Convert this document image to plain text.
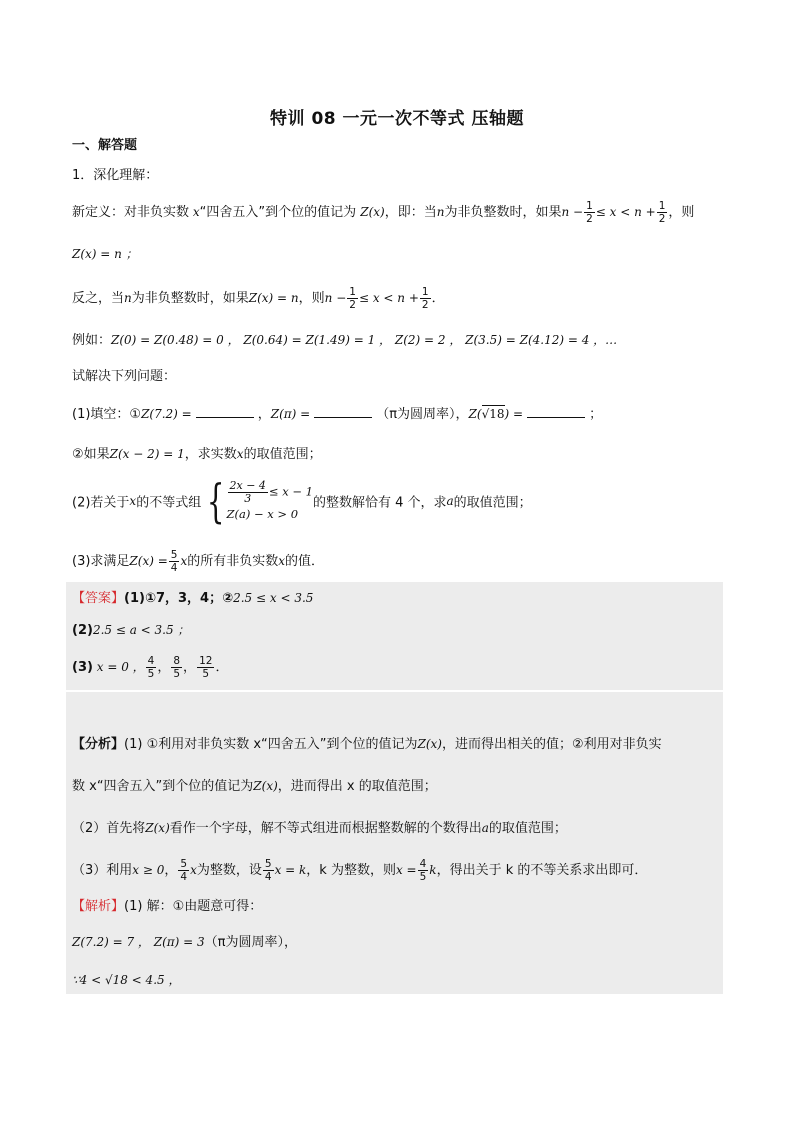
特训 08 一元一次不等式 压轴题
一、解答题
1．深化理解：
新定义：对非负实数 x“四舍五入”到个位的值记为 Z(x)，即：当n为非负整数时，如果$n - \frac{1}{2} \le x < n + \frac{1}{2}$ ，则
Z(x) = n ；
反之，当n为非负整数时，如果Z(x) = n，则$n - \frac{1}{2} \le x < n + \frac{1}{2}$ ．
例如：Z(0) = Z(0.48) = 0 ， Z(0.64) = Z(1.49) = 1 ， Z(2) = 2 ， Z(3.5) = Z(4.12) = 4 ，…
试解决下列问题：
(1)填空：①Z(7.2) =	，Z(π) =	（π为圆周率），Z(√18) =	；
②如果Z(x − 2) = 1，求实数x的取值范围；
(2)若关于x的不等式组 { $\frac{2x - 4}{3} \le x - 1$
Z(a) − x > 0
的整数解恰有 4 个，求a的取值范围；
(3)求满足$Z(x) = \frac{5}{4}$ x的所有非负实数x的值．
【答案】(1)①7，3，4；②2.5 ≤ x < 3.5
(2)2.5 ≤ a < 3.5 ；
(3) x = 0 ， $\frac{4}{5}$ ， $\frac{8}{5}$ ， $\frac{12}{5}$ ．
【分析】(1) ①利用对非负实数 x“四舍五入”到个位的值记为Z(x)，进而得出相关的值；②利用对非负实
数 x“四舍五入”到个位的值记为Z(x)，进而得出 x 的取值范围；
（2）首先将Z(x)看作一个字母，解不等式组进而根据整数解的个数得出a的取值范围；
（3）利用x ≥ 0， $\frac{5}{4}$ x为整数，设 $\frac{5}{4}$ x = k，k 为整数，则$x = \frac{4}{5}$ k，得出关于 k 的不等关系求出即可．
【解析】(1) 解：①由题意可得：
Z(7.2) = 7 ， Z(π) = 3（π为圆周率），
∵4 < √18 < 4.5 ，
